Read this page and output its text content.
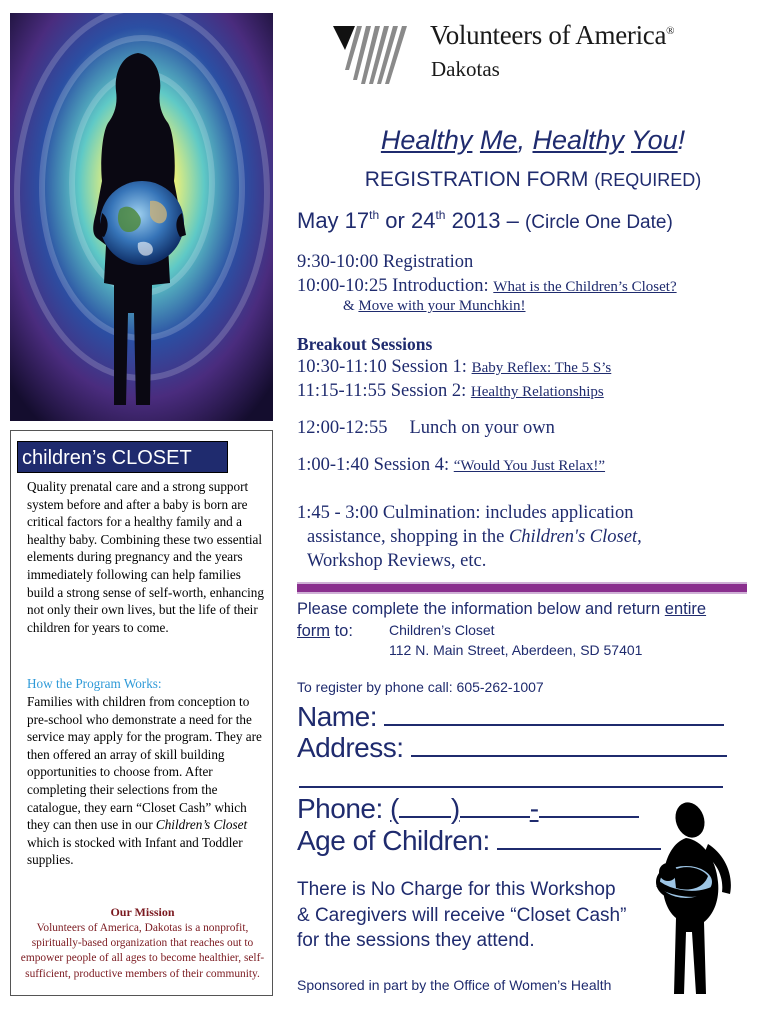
children’s CLOSET
Quality prenatal care and a strong support system before and after a baby is born are critical factors for a healthy family and a healthy baby. Combining these two essential elements during pregnancy and the years immediately following can help families build a strong sense of self-worth, enhancing not only their own lives, but the life of their children for years to come.
How the Program Works:
Families with children from conception to pre-school who demonstrate a need for the service may apply for the program. They are then offered an array of skill building opportunities to choose from. After completing their selections from the catalogue, they earn “Closet Cash” which they can then use in our Children’s Closet which is stocked with Infant and Toddler supplies.
Our Mission
Volunteers of America, Dakotas is a nonprofit, spiritually-based organization that reaches out to empower people of all ages to become healthier, self-sufficient, productive members of their community.
Volunteers of America®
Dakotas
Healthy Me, Healthy You!
REGISTRATION FORM (REQUIRED)
May 17th or 24th 2013 – (Circle One Date)
9:30-10:00 Registration
10:00-10:25 Introduction: What is the Children’s Closet?
& Move with your Munchkin!
Breakout Sessions
10:30-11:10 Session 1: Baby Reflex: The 5 S’s
11:15-11:55 Session 2: Healthy Relationships
12:00-12:55 Lunch on your own
1:00-1:40 Session 4: “Would You Just Relax!”
1:45 - 3:00 Culmination: includes application
assistance, shopping in the Children's Closet,
Workshop Reviews, etc.
Please complete the information below and return entire
form to:	Children’s Closet
112 N. Main Street, Aberdeen, SD 57401
To register by phone call: 605-262-1007
Name:
Address:
Phone: ( )	-
Age of Children:
There is No Charge for this Workshop
& Caregivers will receive “Closet Cash”
for the sessions they attend.
Sponsored in part by the Office of Women’s Health
